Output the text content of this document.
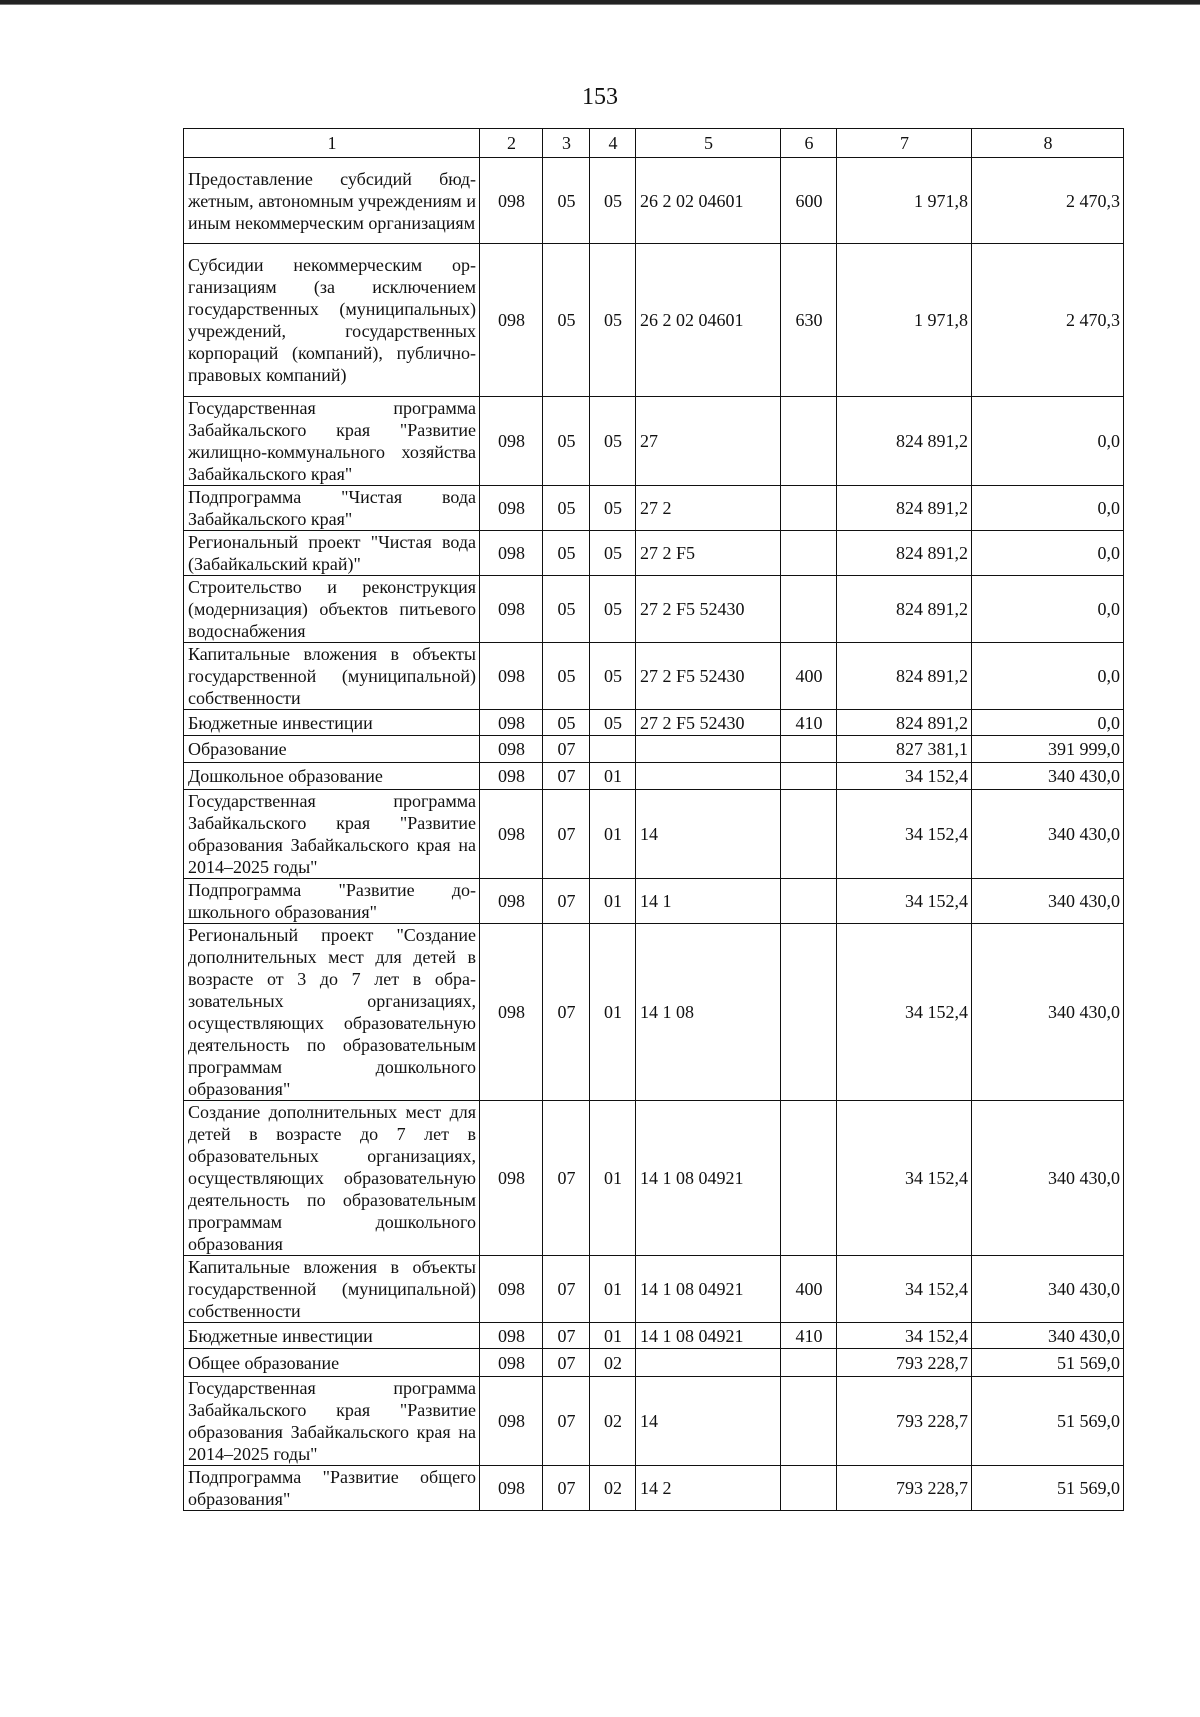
153
1	2	3	4	5	6	7	8
Предоставление субсидий бюджетным, автономным учреждениям и иным некоммерческим организациям	098	05	05	26 2 02 04601	600	1 971,8	2 470,3
Субсидии некоммерческим организациям (за исключением государственных (муниципальных) учреждений, государственных корпораций (компаний), публично-правовых компаний)	098	05	05	26 2 02 04601	630	1 971,8	2 470,3
Государственная программа Забайкальского края "Развитие жилищно-коммунального хозяйства Забайкальского края"	098	05	05	27		824 891,2	0,0
Подпрограмма "Чистая вода Забайкальского края"	098	05	05	27 2		824 891,2	0,0
Региональный проект "Чистая вода (Забайкальский край)"	098	05	05	27 2 F5		824 891,2	0,0
Строительство и реконструкция (модернизация) объектов питьевого водоснабжения	098	05	05	27 2 F5 52430		824 891,2	0,0
Капитальные вложения в объекты государственной (муниципальной) собственности	098	05	05	27 2 F5 52430	400	824 891,2	0,0
Бюджетные инвестиции	098	05	05	27 2 F5 52430	410	824 891,2	0,0
Образование	098	07				827 381,1	391 999,0
Дошкольное образование	098	07	01			34 152,4	340 430,0
Государственная программа Забайкальского края "Развитие образования Забайкальского края на 2014–2025 годы"	098	07	01	14		34 152,4	340 430,0
Подпрограмма "Развитие дошкольного образования"	098	07	01	14 1		34 152,4	340 430,0
Региональный проект "Создание дополнительных мест для детей в возрасте от 3 до 7 лет в образовательных организациях, осуществляющих образовательную деятельность по образовательным программам дошкольного образования"	098	07	01	14 1 08		34 152,4	340 430,0
Создание дополнительных мест для детей в возрасте до 7 лет в образовательных организациях, осуществляющих образовательную деятельность по образовательным программам дошкольного образования	098	07	01	14 1 08 04921		34 152,4	340 430,0
Капитальные вложения в объекты государственной (муниципальной) собственности	098	07	01	14 1 08 04921	400	34 152,4	340 430,0
Бюджетные инвестиции	098	07	01	14 1 08 04921	410	34 152,4	340 430,0
Общее образование	098	07	02			793 228,7	51 569,0
Государственная программа Забайкальского края "Развитие образования Забайкальского края на 2014–2025 годы"	098	07	02	14		793 228,7	51 569,0
Подпрограмма "Развитие общего образования"	098	07	02	14 2		793 228,7	51 569,0
